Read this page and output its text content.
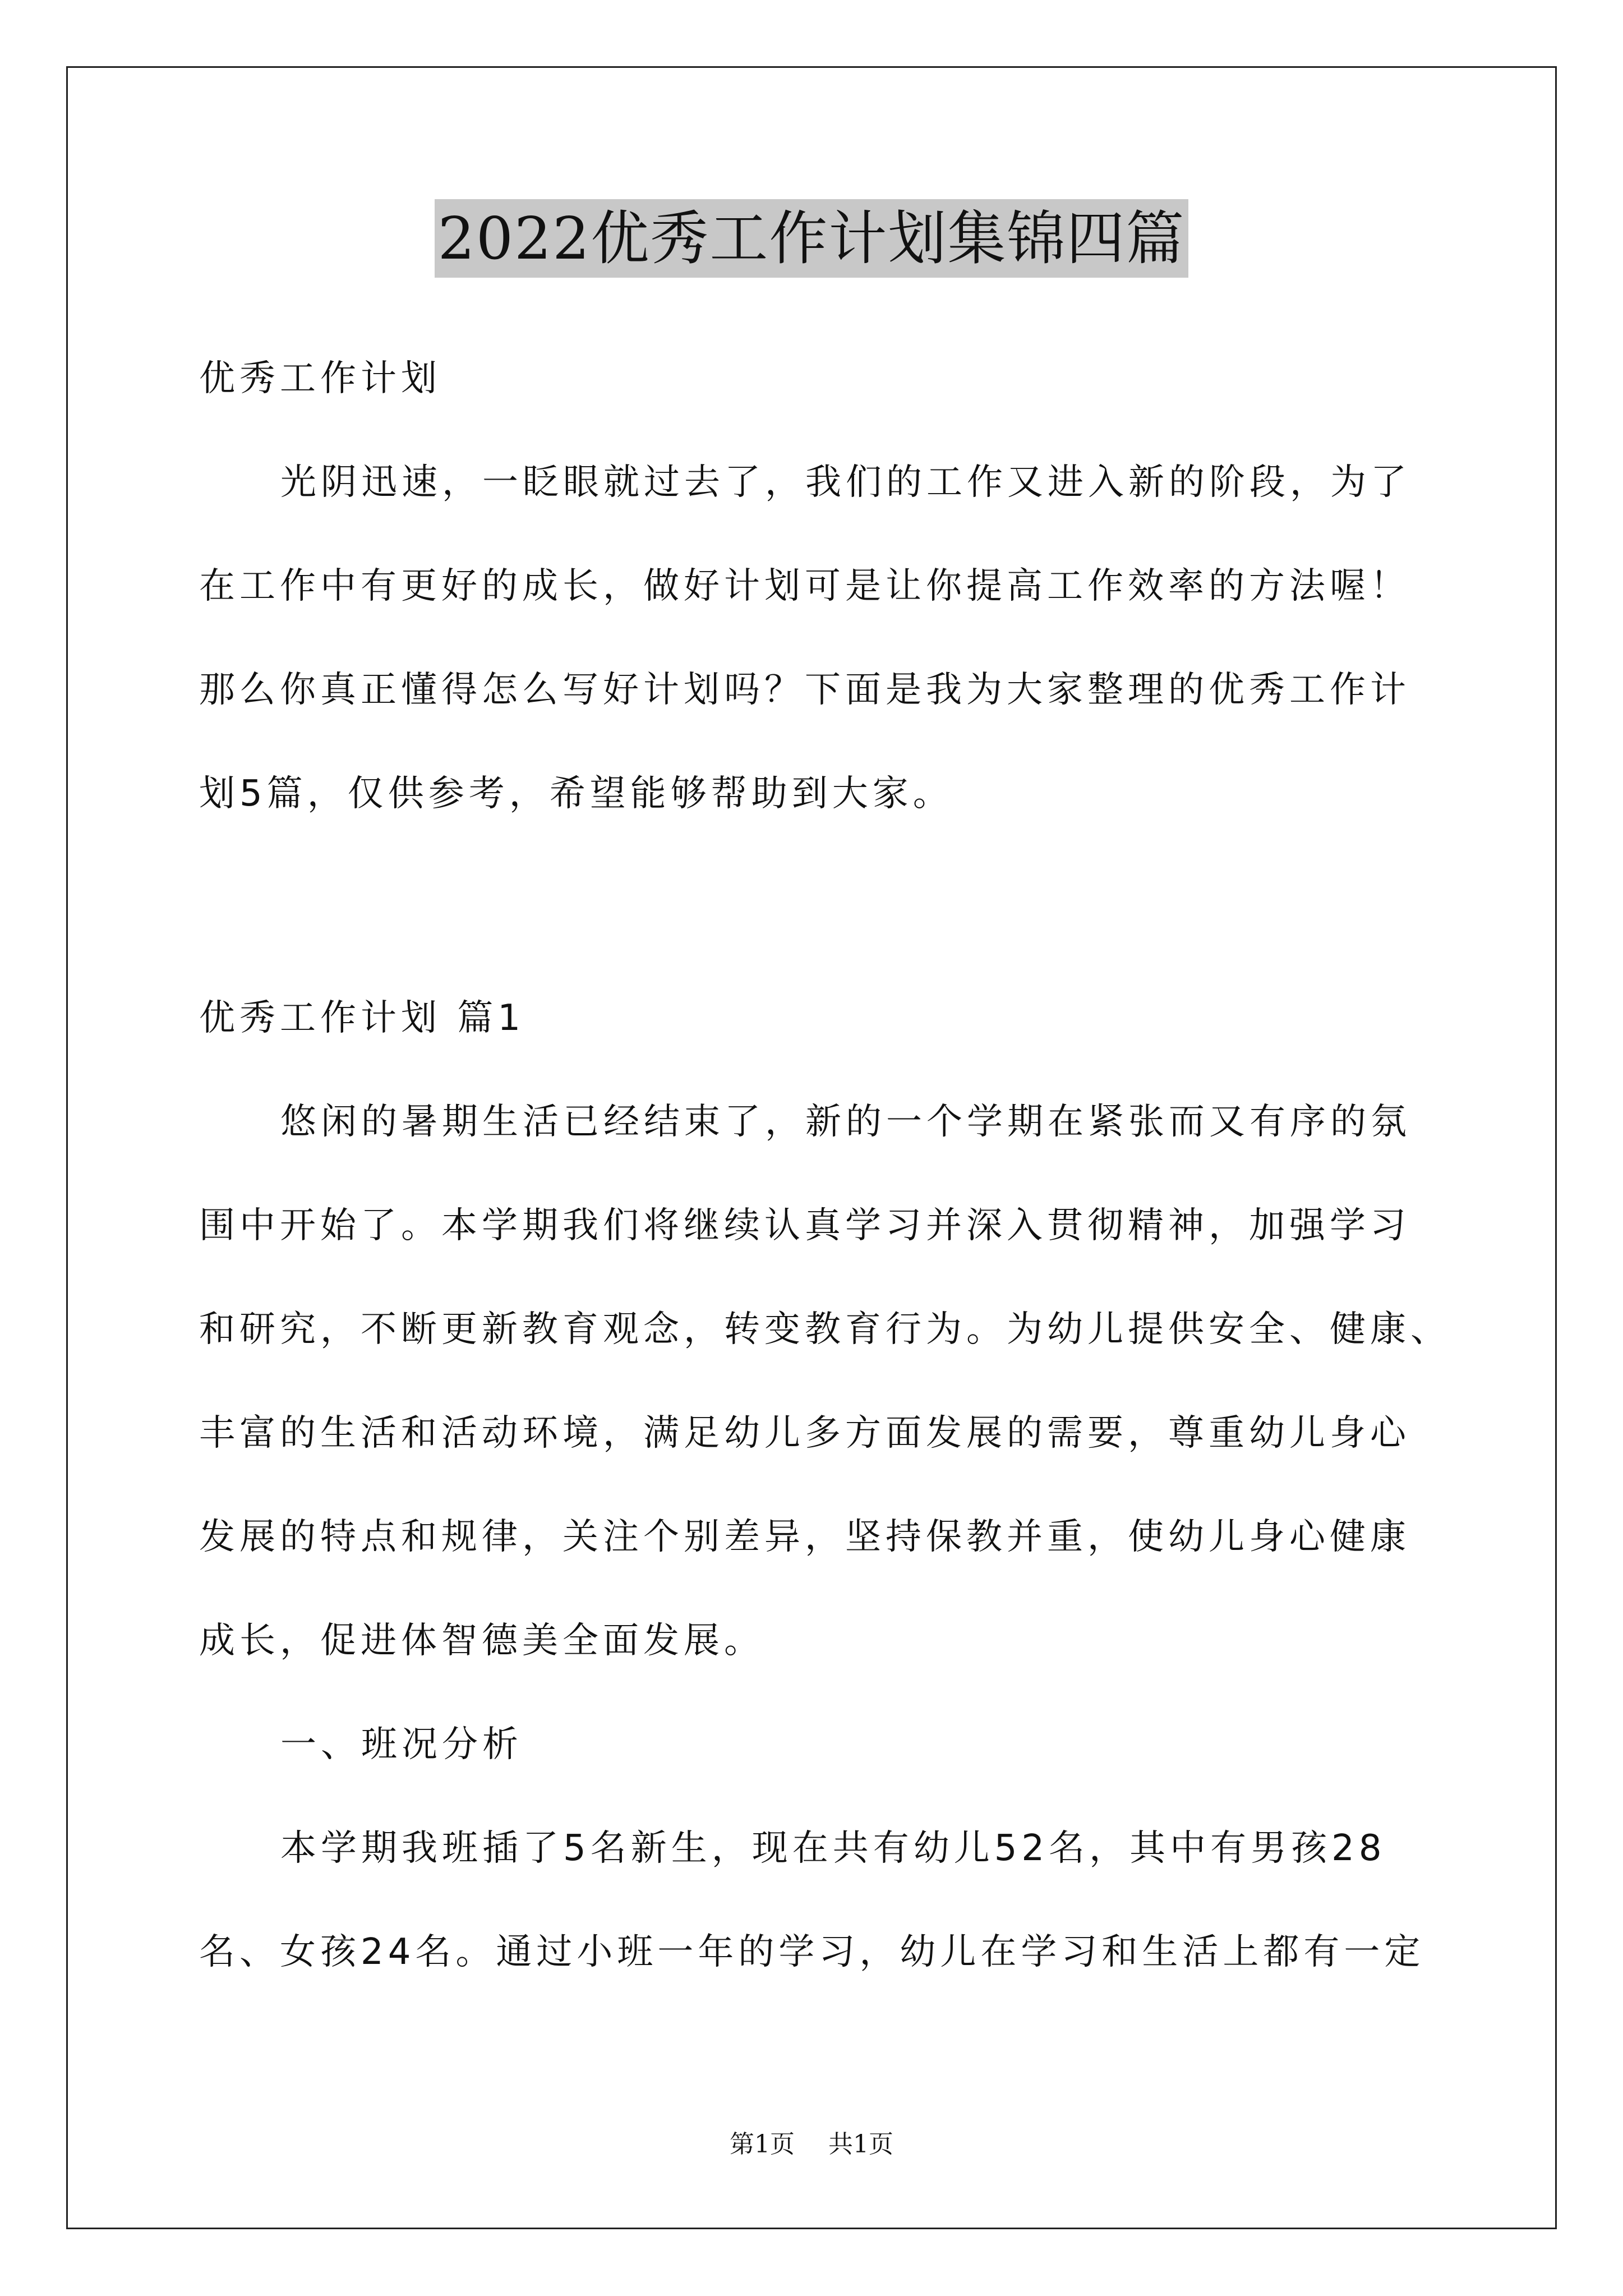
2022优秀工作计划集锦四篇
优秀工作计划
光阴迅速，一眨眼就过去了，我们的工作又进入新的阶段，为了
在工作中有更好的成长，做好计划可是让你提高工作效率的方法喔！
那么你真正懂得怎么写好计划吗？下面是我为大家整理的优秀工作计
划5篇，仅供参考，希望能够帮助到大家。
优秀工作计划 篇1
悠闲的暑期生活已经结束了，新的一个学期在紧张而又有序的氛
围中开始了。本学期我们将继续认真学习并深入贯彻精神，加强学习
和研究，不断更新教育观念，转变教育行为。为幼儿提供安全、健康、
丰富的生活和活动环境，满足幼儿多方面发展的需要，尊重幼儿身心
发展的特点和规律，关注个别差异，坚持保教并重，使幼儿身心健康
成长，促进体智德美全面发展。
一、班况分析
本学期我班插了5名新生，现在共有幼儿52名，其中有男孩28
名、女孩24名。通过小班一年的学习，幼儿在学习和生活上都有一定
第1页 共1页
